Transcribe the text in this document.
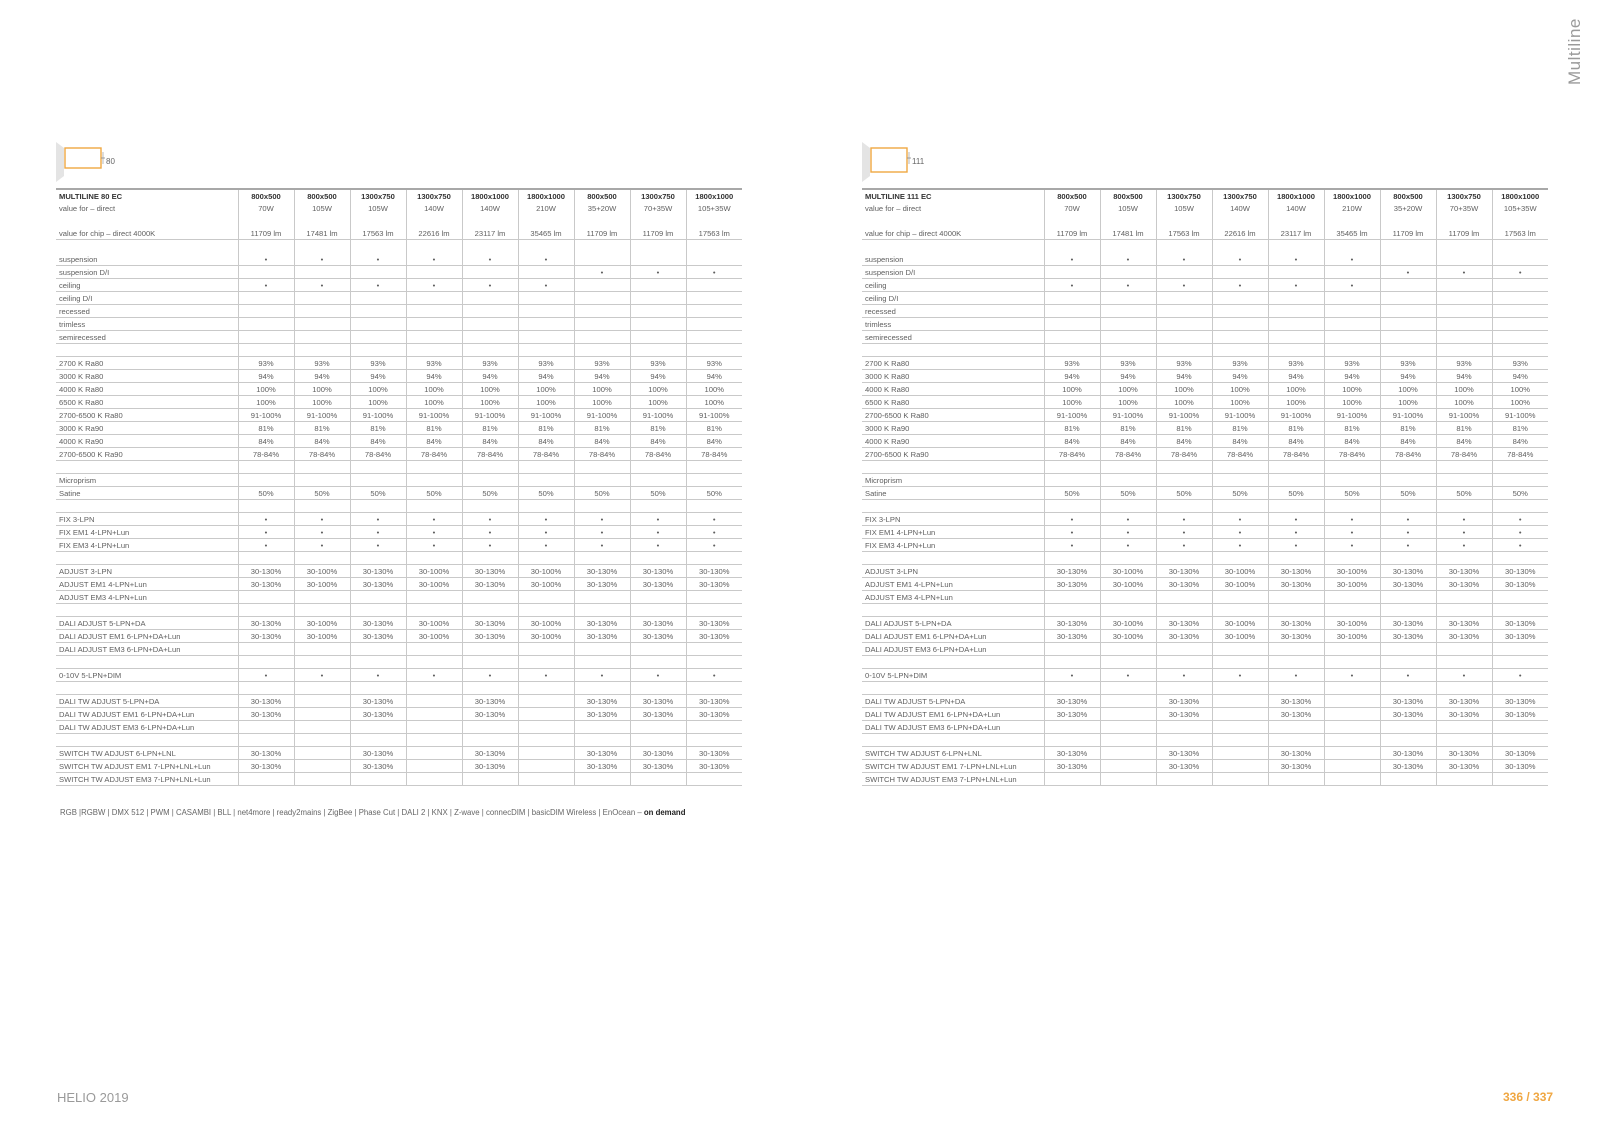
Multiline
80
MULTILINE 80 EC	800x500	800x500	1300x750	1300x750	1800x1000	1800x1000	800x500	1300x750	1800x1000
value for – direct	70W	105W	105W	140W	140W	210W	35+20W	70+35W	105+35W

value for chip – direct 4000K	11709 lm	17481 lm	17563 lm	22616 lm	23117 lm	35465 lm	11709 lm	11709 lm	17563 lm

suspension	•	•	•	•	•	•			
suspension D/I							•	•	•
ceiling	•	•	•	•	•	•			
ceiling D/I									
recessed									
trimless									
semirecessed									

2700 K Ra80	93%	93%	93%	93%	93%	93%	93%	93%	93%
3000 K Ra80	94%	94%	94%	94%	94%	94%	94%	94%	94%
4000 K Ra80	100%	100%	100%	100%	100%	100%	100%	100%	100%
6500 K Ra80	100%	100%	100%	100%	100%	100%	100%	100%	100%
2700-6500 K Ra80	91-100%	91-100%	91-100%	91-100%	91-100%	91-100%	91-100%	91-100%	91-100%
3000 K Ra90	81%	81%	81%	81%	81%	81%	81%	81%	81%
4000 K Ra90	84%	84%	84%	84%	84%	84%	84%	84%	84%
2700-6500 K Ra90	78-84%	78-84%	78-84%	78-84%	78-84%	78-84%	78-84%	78-84%	78-84%

Microprism									
Satine	50%	50%	50%	50%	50%	50%	50%	50%	50%

FIX 3-LPN	•	•	•	•	•	•	•	•	•
FIX EM1 4-LPN+Lun	•	•	•	•	•	•	•	•	•
FIX EM3 4-LPN+Lun	•	•	•	•	•	•	•	•	•

ADJUST 3-LPN	30-130%	30-100%	30-130%	30-100%	30-130%	30-100%	30-130%	30-130%	30-130%
ADJUST EM1 4-LPN+Lun	30-130%	30-100%	30-130%	30-100%	30-130%	30-100%	30-130%	30-130%	30-130%
ADJUST EM3 4-LPN+Lun									

DALI ADJUST 5-LPN+DA	30-130%	30-100%	30-130%	30-100%	30-130%	30-100%	30-130%	30-130%	30-130%
DALI ADJUST EM1 6-LPN+DA+Lun	30-130%	30-100%	30-130%	30-100%	30-130%	30-100%	30-130%	30-130%	30-130%
DALI ADJUST EM3 6-LPN+DA+Lun									

0-10V 5-LPN+DIM	•	•	•	•	•	•	•	•	•

DALI TW ADJUST 5-LPN+DA	30-130%		30-130%		30-130%		30-130%	30-130%	30-130%
DALI TW ADJUST EM1 6-LPN+DA+Lun	30-130%		30-130%		30-130%		30-130%	30-130%	30-130%
DALI TW ADJUST EM3 6-LPN+DA+Lun									

SWITCH TW ADJUST 6-LPN+LNL	30-130%		30-130%		30-130%		30-130%	30-130%	30-130%
SWITCH TW ADJUST EM1 7-LPN+LNL+Lun	30-130%		30-130%		30-130%		30-130%	30-130%	30-130%
SWITCH TW ADJUST EM3 7-LPN+LNL+Lun									
111
MULTILINE 111 EC	800x500	800x500	1300x750	1300x750	1800x1000	1800x1000	800x500	1300x750	1800x1000
value for – direct	70W	105W	105W	140W	140W	210W	35+20W	70+35W	105+35W

value for chip – direct 4000K	11709 lm	17481 lm	17563 lm	22616 lm	23117 lm	35465 lm	11709 lm	11709 lm	17563 lm

suspension	•	•	•	•	•	•			
suspension D/I							•	•	•
ceiling	•	•	•	•	•	•			
ceiling D/I									
recessed									
trimless									
semirecessed									

2700 K Ra80	93%	93%	93%	93%	93%	93%	93%	93%	93%
3000 K Ra80	94%	94%	94%	94%	94%	94%	94%	94%	94%
4000 K Ra80	100%	100%	100%	100%	100%	100%	100%	100%	100%
6500 K Ra80	100%	100%	100%	100%	100%	100%	100%	100%	100%
2700-6500 K Ra80	91-100%	91-100%	91-100%	91-100%	91-100%	91-100%	91-100%	91-100%	91-100%
3000 K Ra90	81%	81%	81%	81%	81%	81%	81%	81%	81%
4000 K Ra90	84%	84%	84%	84%	84%	84%	84%	84%	84%
2700-6500 K Ra90	78-84%	78-84%	78-84%	78-84%	78-84%	78-84%	78-84%	78-84%	78-84%

Microprism									
Satine	50%	50%	50%	50%	50%	50%	50%	50%	50%

FIX 3-LPN	•	•	•	•	•	•	•	•	•
FIX EM1 4-LPN+Lun	•	•	•	•	•	•	•	•	•
FIX EM3 4-LPN+Lun	•	•	•	•	•	•	•	•	•

ADJUST 3-LPN	30-130%	30-100%	30-130%	30-100%	30-130%	30-100%	30-130%	30-130%	30-130%
ADJUST EM1 4-LPN+Lun	30-130%	30-100%	30-130%	30-100%	30-130%	30-100%	30-130%	30-130%	30-130%
ADJUST EM3 4-LPN+Lun									

DALI ADJUST 5-LPN+DA	30-130%	30-100%	30-130%	30-100%	30-130%	30-100%	30-130%	30-130%	30-130%
DALI ADJUST EM1 6-LPN+DA+Lun	30-130%	30-100%	30-130%	30-100%	30-130%	30-100%	30-130%	30-130%	30-130%
DALI ADJUST EM3 6-LPN+DA+Lun									

0-10V 5-LPN+DIM	•	•	•	•	•	•	•	•	•

DALI TW ADJUST 5-LPN+DA	30-130%		30-130%		30-130%		30-130%	30-130%	30-130%
DALI TW ADJUST EM1 6-LPN+DA+Lun	30-130%		30-130%		30-130%		30-130%	30-130%	30-130%
DALI TW ADJUST EM3 6-LPN+DA+Lun									

SWITCH TW ADJUST 6-LPN+LNL	30-130%		30-130%		30-130%		30-130%	30-130%	30-130%
SWITCH TW ADJUST EM1 7-LPN+LNL+Lun	30-130%		30-130%		30-130%		30-130%	30-130%	30-130%
SWITCH TW ADJUST EM3 7-LPN+LNL+Lun									
RGB |RGBW | DMX 512 | PWM | CASAMBI | BLL | net4more | ready2mains | ZigBee | Phase Cut | DALI 2 | KNX | Z-wave | connecDIM | basicDIM Wireless | EnOcean – on demand
HELIO 2019	336 / 337
